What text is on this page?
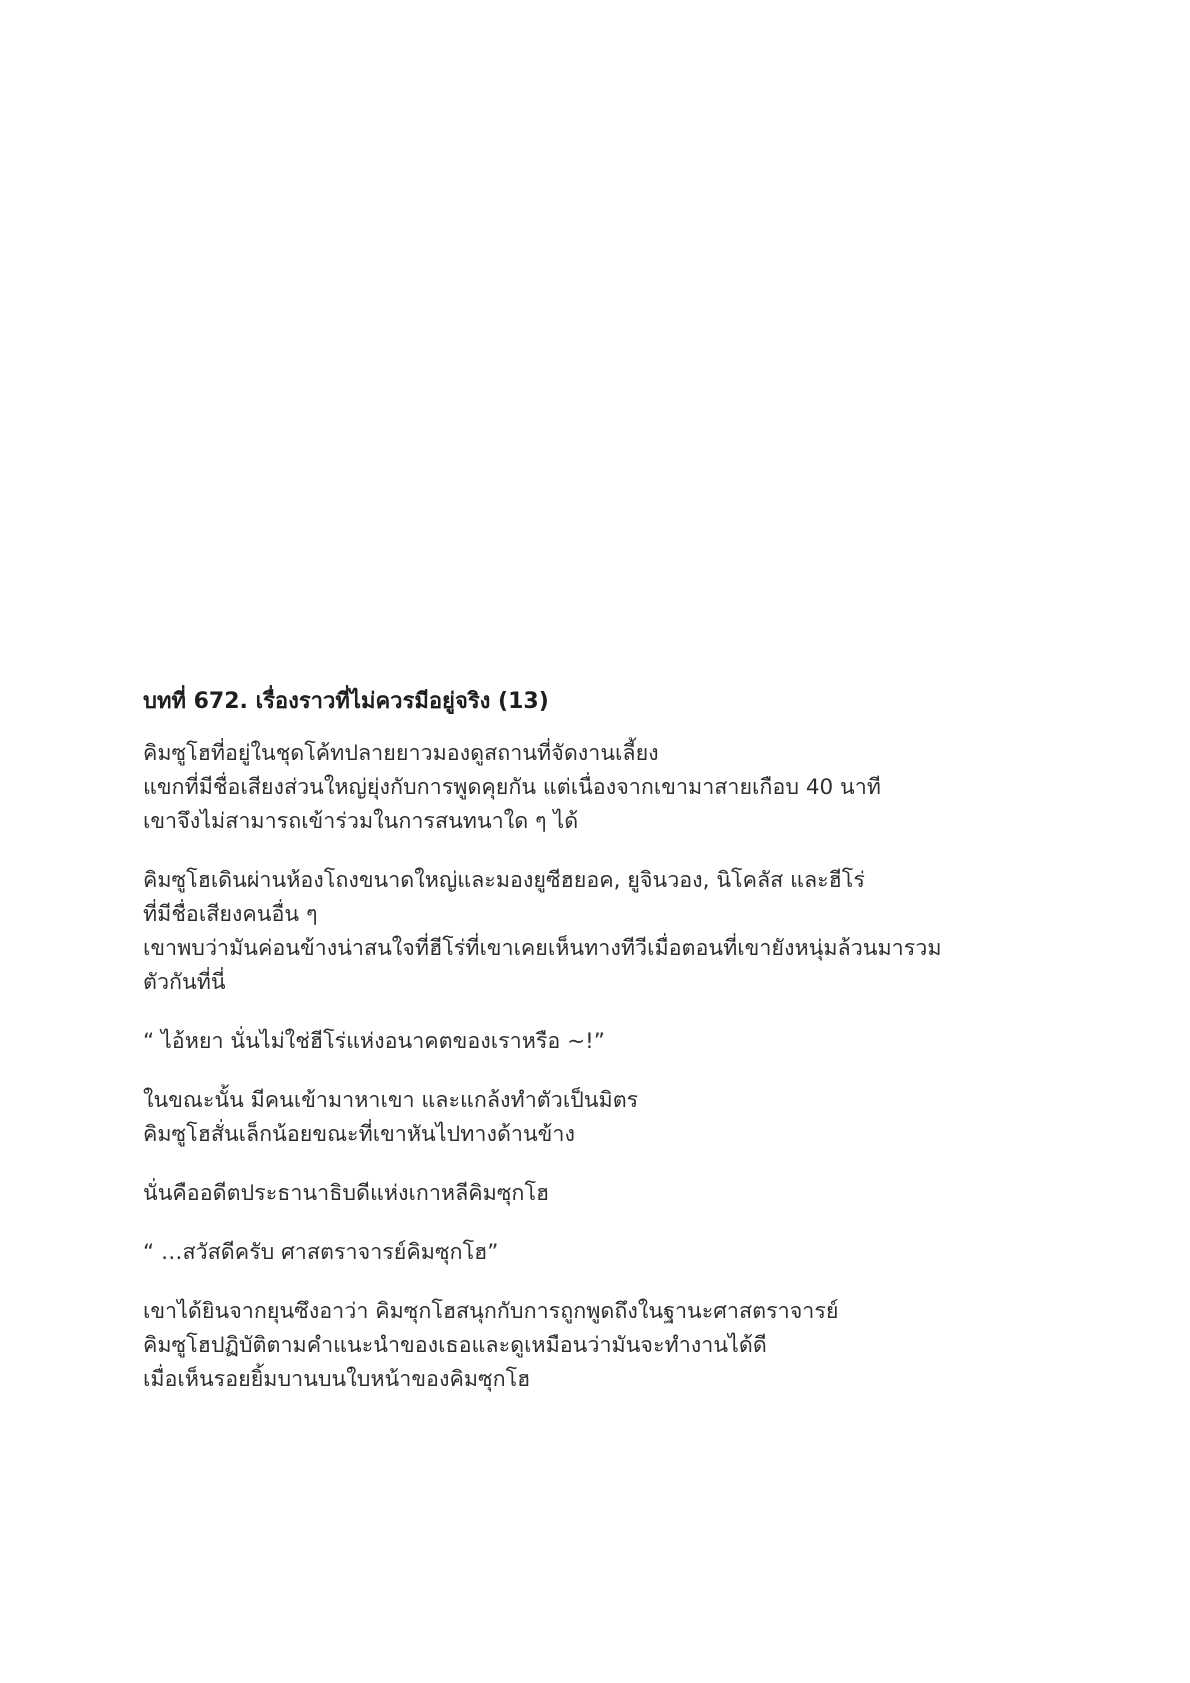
บทที่ 672. เรื่องราวที่ไม่ควรมีอยู่จริง (13)
คิมซูโฮที่อยู่ในชุดโค้ทปลายยาวมองดูสถานที่จัดงานเลี้ยง
แขกที่มีชื่อเสียงส่วนใหญ่ยุ่งกับการพูดคุยกัน แต่เนื่องจากเขามาสายเกือบ 40 นาที
เขาจึงไม่สามารถเข้าร่วมในการสนทนาใด ๆ ได้
คิมซูโฮเดินผ่านห้องโถงขนาดใหญ่และมองยูซีฮยอค, ยูจินวอง, นิโคลัส และฮีโร่
ที่มีชื่อเสียงคนอื่น ๆ
เขาพบว่ามันค่อนข้างน่าสนใจที่ฮีโร่ที่เขาเคยเห็นทางทีวีเมื่อตอนที่เขายังหนุ่มล้วนมารวม
ตัวกันที่นี่
“ ไอ้หยา นั่นไม่ใช่ฮีโร่แห่งอนาคตของเราหรือ ~!”
ในขณะนั้น มีคนเข้ามาหาเขา และแกล้งทำตัวเป็นมิตร
คิมซูโฮสั่นเล็กน้อยขณะที่เขาหันไปทางด้านข้าง
นั่นคืออดีตประธานาธิบดีแห่งเกาหลีคิมซุกโฮ
“ …สวัสดีครับ ศาสตราจารย์คิมซุกโฮ”
เขาได้ยินจากยุนซึงอาว่า คิมซุกโฮสนุกกับการถูกพูดถึงในฐานะศาสตราจารย์
คิมซูโฮปฏิบัติตามคำแนะนำของเธอและดูเหมือนว่ามันจะทำงานได้ดี
เมื่อเห็นรอยยิ้มบานบนใบหน้าของคิมซุกโฮ
